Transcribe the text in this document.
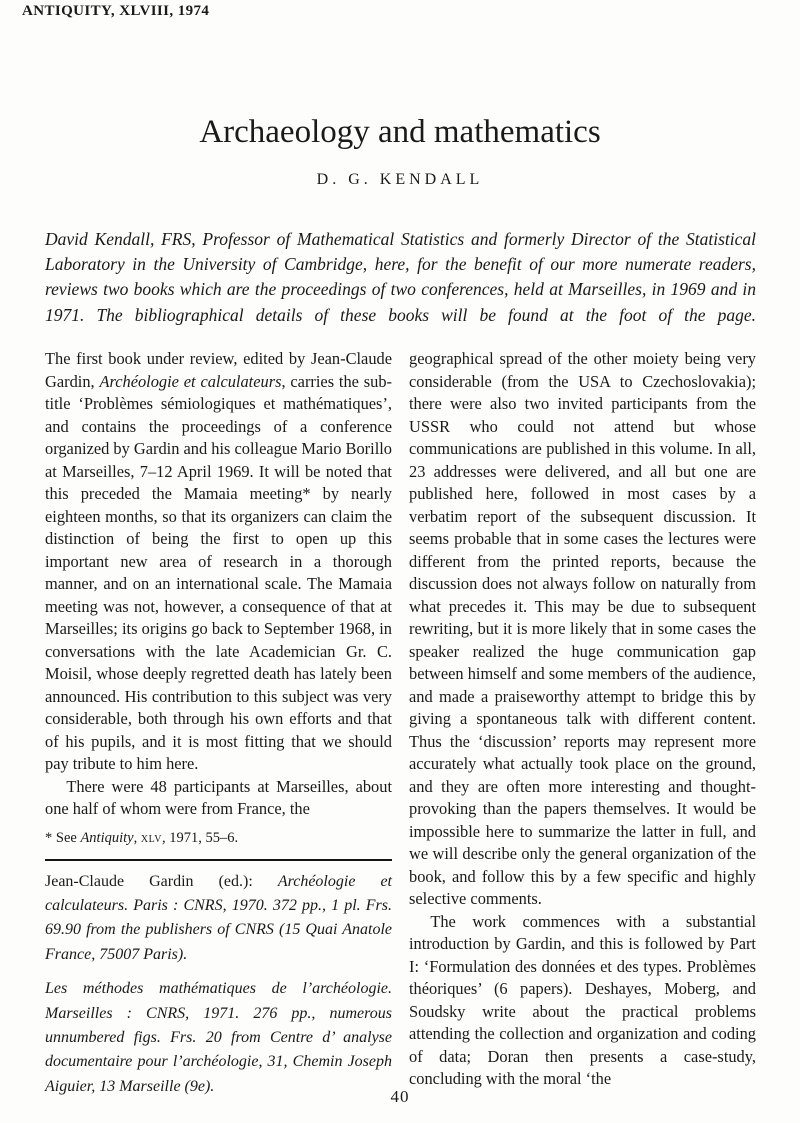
ANTIQUITY, XLVIII, 1974
Archaeology and mathematics
D. G. KENDALL
David Kendall, FRS, Professor of Mathematical Statistics and formerly Director of the Statistical Laboratory in the University of Cambridge, here, for the benefit of our more numerate readers, reviews two books which are the proceedings of two conferences, held at Marseilles, in 1969 and in 1971. The bibliographical details of these books will be found at the foot of the page.

The first book under review, edited by Jean-Claude Gardin, Archéologie et calculateurs, carries the sub-title ‘Problèmes sémiologiques et mathématiques’, and contains the proceedings of a conference organized by Gardin and his colleague Mario Borillo at Marseilles, 7–12 April 1969. It will be noted that this preceded the Mamaia meeting* by nearly eighteen months, so that its organizers can claim the distinction of being the first to open up this important new area of research in a thorough manner, and on an international scale. The Mamaia meeting was not, however, a consequence of that at Marseilles; its origins go back to September 1968, in conversations with the late Academician Gr. C. Moisil, whose deeply regretted death has lately been announced. His contribution to this subject was very considerable, both through his own efforts and that of his pupils, and it is most fitting that we should pay tribute to him here.

There were 48 participants at Marseilles, about one half of whom were from France, the

* See Antiquity, xlv, 1971, 55–6.

Jean-Claude Gardin (ed.): Archéologie et calculateurs. Paris : CNRS, 1970. 372 pp., 1 pl. Frs. 69.90 from the publishers of CNRS (15 Quai Anatole France, 75007 Paris).

Les méthodes mathématiques de l’archéologie. Marseilles : CNRS, 1971. 276 pp., numerous unnumbered figs. Frs. 20 from Centre d’ analyse documentaire pour l’archéologie, 31, Chemin Joseph Aiguier, 13 Marseille (9e).

geographical spread of the other moiety being very considerable (from the USA to Czechoslovakia); there were also two invited participants from the USSR who could not attend but whose communications are published in this volume. In all, 23 addresses were delivered, and all but one are published here, followed in most cases by a verbatim report of the subsequent discussion. It seems probable that in some cases the lectures were different from the printed reports, because the discussion does not always follow on naturally from what precedes it. This may be due to subsequent rewriting, but it is more likely that in some cases the speaker realized the huge communication gap between himself and some members of the audience, and made a praiseworthy attempt to bridge this by giving a spontaneous talk with different content. Thus the ‘discussion’ reports may represent more accurately what actually took place on the ground, and they are often more interesting and thought-provoking than the papers themselves. It would be impossible here to summarize the latter in full, and we will describe only the general organization of the book, and follow this by a few specific and highly selective comments.

The work commences with a substantial introduction by Gardin, and this is followed by Part I: ‘Formulation des données et des types. Problèmes théoriques’ (6 papers). Deshayes, Moberg, and Soudsky write about the practical problems attending the collection and organization and coding of data; Doran then presents a case-study, concluding with the moral ‘the

40
